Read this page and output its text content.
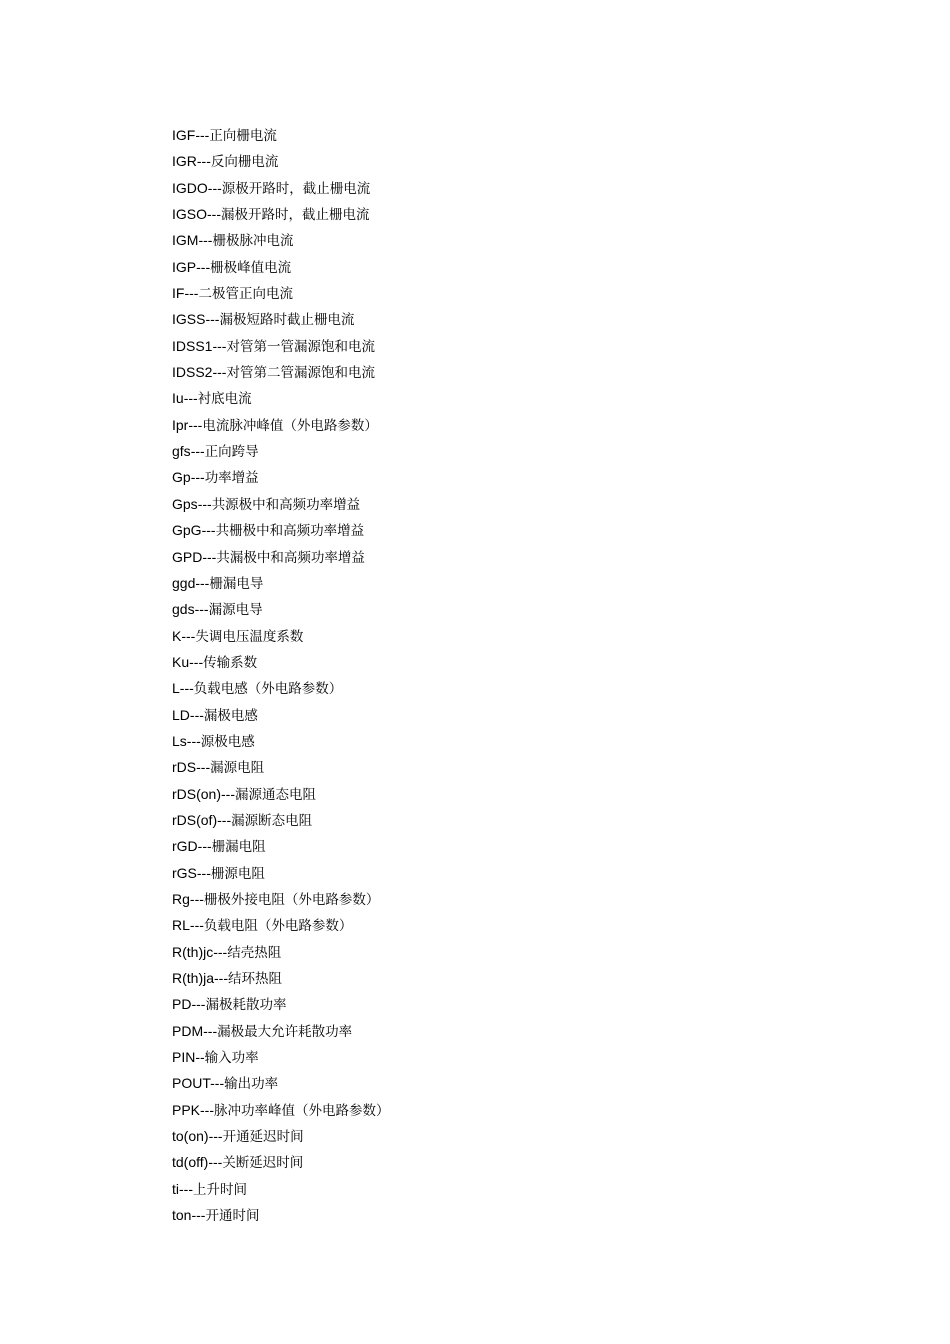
IGF---正向栅电流
IGR---反向栅电流
IGDO---源极开路时，截止栅电流
IGSO---漏极开路时，截止栅电流
IGM---栅极脉冲电流
IGP---栅极峰值电流
IF---二极管正向电流
IGSS---漏极短路时截止栅电流
IDSS1---对管第一管漏源饱和电流
IDSS2---对管第二管漏源饱和电流
Iu---衬底电流
Ipr---电流脉冲峰值（外电路参数）
gfs---正向跨导
Gp---功率增益
Gps---共源极中和高频功率增益
GpG---共栅极中和高频功率增益
GPD---共漏极中和高频功率增益
ggd---栅漏电导
gds---漏源电导
K---失调电压温度系数
Ku---传输系数
L---负载电感（外电路参数）
LD---漏极电感
Ls---源极电感
rDS---漏源电阻
rDS(on)---漏源通态电阻
rDS(of)---漏源断态电阻
rGD---栅漏电阻
rGS---栅源电阻
Rg---栅极外接电阻（外电路参数）
RL---负载电阻（外电路参数）
R(th)jc---结壳热阻
R(th)ja---结环热阻
PD---漏极耗散功率
PDM---漏极最大允许耗散功率
PIN--输入功率
POUT---输出功率
PPK---脉冲功率峰值（外电路参数）
to(on)---开通延迟时间
td(off)---关断延迟时间
ti---上升时间
ton---开通时间
